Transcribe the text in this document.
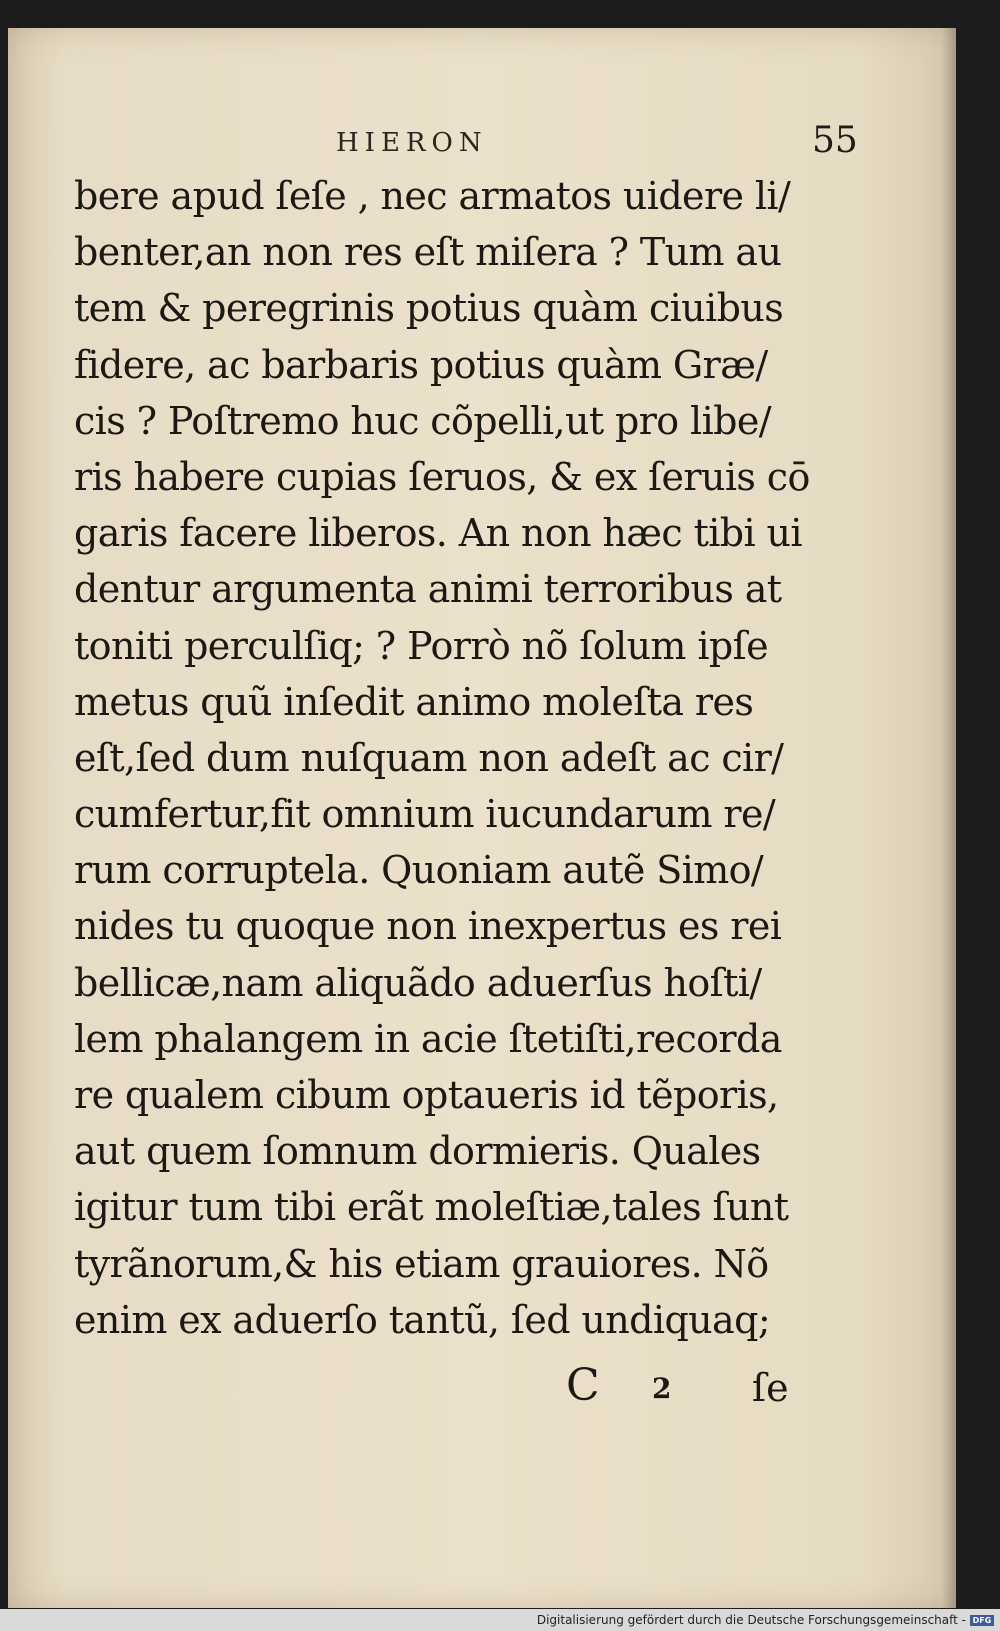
HIERON	55
bere apud ſeſe , nec armatos uidere li/
benter,an non res eſt miſera ? Tum au
tem & peregrinis potius quàm ciuibus
fidere, ac barbaris potius quàm Græ/
cis ? Poſtremo huc cõpelli,ut pro libe/
ris habere cupias ſeruos, & ex ſeruis cō
garis facere liberos. An non hæc tibi ui
dentur argumenta animi terroribus at
toniti perculſiq; ? Porrò nõ ſolum ipſe
metus quũ inſedit animo moleſta res
eſt,ſed dum nuſquam non adeſt ac cir/
cumfertur,fit omnium iucundarum re/
rum corruptela. Quoniam autẽ Simo/
nides tu quoque non inexpertus es rei
bellicæ,nam aliquãdo aduerſus hoſti/
lem phalangem in acie ſtetiſti,recorda
re qualem cibum optaueris id tẽporis,
aut quem ſomnum dormieris. Quales
igitur tum tibi erãt moleſtiæ,tales ſunt
tyrãnorum,& his etiam grauiores. Nõ
enim ex aduerſo tantũ, ſed undiquaq;
C 2 ſe
Digitalisierung gefördert durch die Deutsche Forschungsgemeinschaft - DFG
